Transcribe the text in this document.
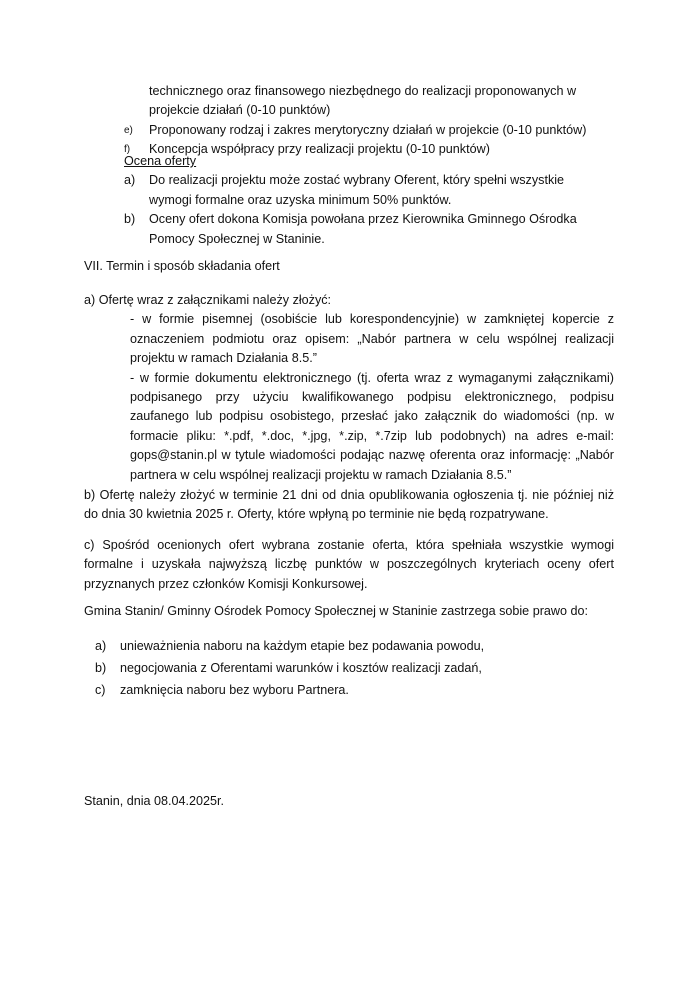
technicznego oraz finansowego niezbędnego do realizacji proponowanych w projekcie działań (0-10 punktów)

e) Proponowany rodzaj i zakres merytoryczny działań w projekcie (0-10 punktów)

f) Koncepcja współpracy przy realizacji projektu (0-10 punktów)

Ocena oferty

a) Do realizacji projektu może zostać wybrany Oferent, który spełni wszystkie wymogi formalne oraz uzyska minimum 50% punktów.

b) Oceny ofert dokona Komisja powołana przez Kierownika Gminnego Ośrodka Pomocy Społecznej w Staninie.

VII. Termin i sposób składania ofert

a) Ofertę wraz z załącznikami należy złożyć:

- w formie pisemnej (osobiście lub korespondencyjnie) w zamkniętej kopercie z oznaczeniem podmiotu oraz opisem: „Nabór partnera w celu wspólnej realizacji projektu w ramach Działania 8.5.”

- w formie dokumentu elektronicznego (tj. oferta wraz z wymaganymi załącznikami) podpisanego przy użyciu kwalifikowanego podpisu elektronicznego, podpisu zaufanego lub podpisu osobistego, przesłać jako załącznik do wiadomości (np. w formacie pliku: *.pdf, *.doc, *.jpg, *.zip, *.7zip lub podobnych) na adres e-mail: gops@stanin.pl w tytule wiadomości podając nazwę oferenta oraz informację: „Nabór partnera w celu wspólnej realizacji projektu w ramach Działania 8.5.”

b) Ofertę należy złożyć w terminie 21 dni od dnia opublikowania ogłoszenia tj. nie później niż do dnia 30 kwietnia 2025 r. Oferty, które wpłyną po terminie nie będą rozpatrywane.

c) Spośród ocenionych ofert wybrana zostanie oferta, która spełniała wszystkie wymogi formalne i uzyskała najwyższą liczbę punktów w poszczególnych kryteriach oceny ofert przyznanych przez członków Komisji Konkursowej.

Gmina Stanin/ Gminny Ośrodek Pomocy Społecznej w Staninie zastrzega sobie prawo do:

a) unieważnienia naboru na każdym etapie bez podawania powodu,

b) negocjowania z Oferentami warunków i kosztów realizacji zadań,

c) zamknięcia naboru bez wyboru Partnera.

Stanin, dnia 08.04.2025r.
